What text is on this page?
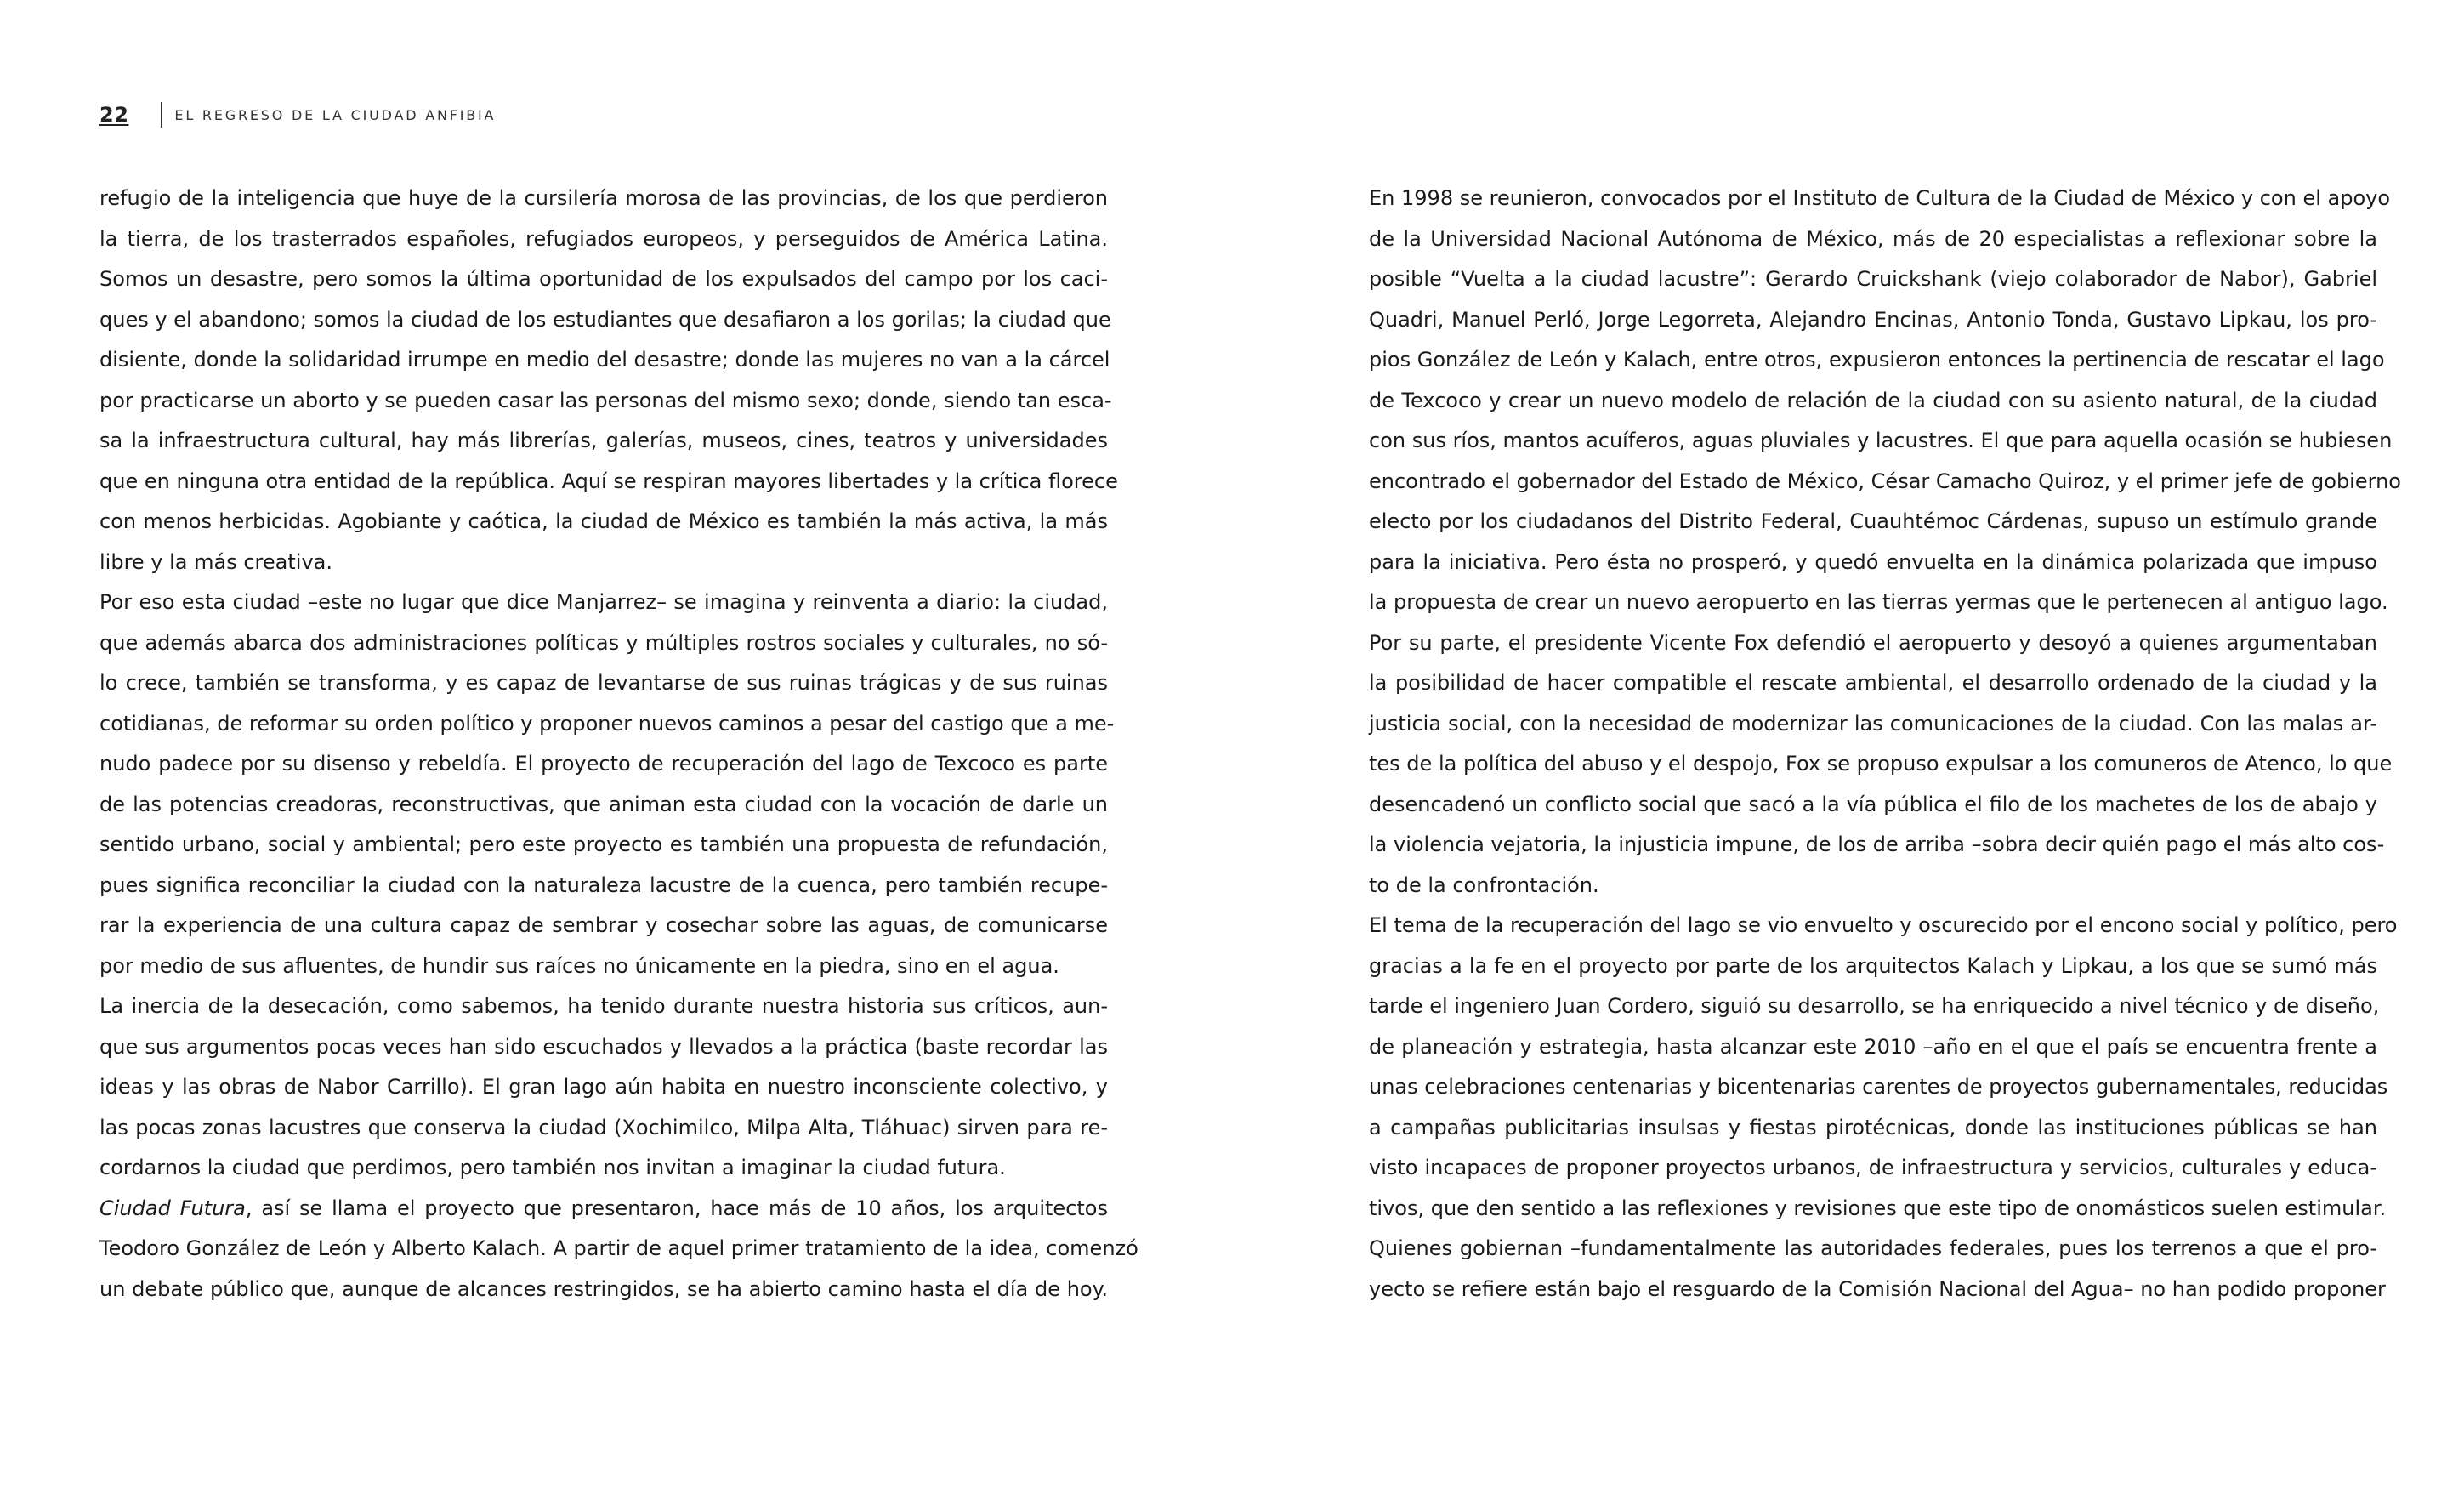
22	EL REGRESO DE LA CIUDAD ANFIBIA
refugio de la inteligencia que huye de la cursilería morosa de las provincias, de los que perdieron
la tierra, de los trasterrados españoles, refugiados europeos, y perseguidos de América Latina.
Somos un desastre, pero somos la última oportunidad de los expulsados del campo por los caci-
ques y el abandono; somos la ciudad de los estudiantes que desafiaron a los gorilas; la ciudad que
disiente, donde la solidaridad irrumpe en medio del desastre; donde las mujeres no van a la cárcel
por practicarse un aborto y se pueden casar las personas del mismo sexo; donde, siendo tan esca-
sa la infraestructura cultural, hay más librerías, galerías, museos, cines, teatros y universidades
que en ninguna otra entidad de la república. Aquí se respiran mayores libertades y la crítica florece
con menos herbicidas. Agobiante y caótica, la ciudad de México es también la más activa, la más
libre y la más creativa.
Por eso esta ciudad –este no lugar que dice Manjarrez– se imagina y reinventa a diario: la ciudad,
que además abarca dos administraciones políticas y múltiples rostros sociales y culturales, no só-
lo crece, también se transforma, y es capaz de levantarse de sus ruinas trágicas y de sus ruinas
cotidianas, de reformar su orden político y proponer nuevos caminos a pesar del castigo que a me-
nudo padece por su disenso y rebeldía. El proyecto de recuperación del lago de Texcoco es parte
de las potencias creadoras, reconstructivas, que animan esta ciudad con la vocación de darle un
sentido urbano, social y ambiental; pero este proyecto es también una propuesta de refundación,
pues significa reconciliar la ciudad con la naturaleza lacustre de la cuenca, pero también recupe-
rar la experiencia de una cultura capaz de sembrar y cosechar sobre las aguas, de comunicarse
por medio de sus afluentes, de hundir sus raíces no únicamente en la piedra, sino en el agua.
La inercia de la desecación, como sabemos, ha tenido durante nuestra historia sus críticos, aun-
que sus argumentos pocas veces han sido escuchados y llevados a la práctica (baste recordar las
ideas y las obras de Nabor Carrillo). El gran lago aún habita en nuestro inconsciente colectivo, y
las pocas zonas lacustres que conserva la ciudad (Xochimilco, Milpa Alta, Tláhuac) sirven para re-
cordarnos la ciudad que perdimos, pero también nos invitan a imaginar la ciudad futura.
Ciudad Futura, así se llama el proyecto que presentaron, hace más de 10 años, los arquitectos
Teodoro González de León y Alberto Kalach. A partir de aquel primer tratamiento de la idea, comenzó
un debate público que, aunque de alcances restringidos, se ha abierto camino hasta el día de hoy.
En 1998 se reunieron, convocados por el Instituto de Cultura de la Ciudad de México y con el apoyo
de la Universidad Nacional Autónoma de México, más de 20 especialistas a reflexionar sobre la
posible “Vuelta a la ciudad lacustre”: Gerardo Cruickshank (viejo colaborador de Nabor), Gabriel
Quadri, Manuel Perló, Jorge Legorreta, Alejandro Encinas, Antonio Tonda, Gustavo Lipkau, los pro-
pios González de León y Kalach, entre otros, expusieron entonces la pertinencia de rescatar el lago
de Texcoco y crear un nuevo modelo de relación de la ciudad con su asiento natural, de la ciudad
con sus ríos, mantos acuíferos, aguas pluviales y lacustres. El que para aquella ocasión se hubiesen
encontrado el gobernador del Estado de México, César Camacho Quiroz, y el primer jefe de gobierno
electo por los ciudadanos del Distrito Federal, Cuauhtémoc Cárdenas, supuso un estímulo grande
para la iniciativa. Pero ésta no prosperó, y quedó envuelta en la dinámica polarizada que impuso
la propuesta de crear un nuevo aeropuerto en las tierras yermas que le pertenecen al antiguo lago.
Por su parte, el presidente Vicente Fox defendió el aeropuerto y desoyó a quienes argumentaban
la posibilidad de hacer compatible el rescate ambiental, el desarrollo ordenado de la ciudad y la
justicia social, con la necesidad de modernizar las comunicaciones de la ciudad. Con las malas ar-
tes de la política del abuso y el despojo, Fox se propuso expulsar a los comuneros de Atenco, lo que
desencadenó un conflicto social que sacó a la vía pública el filo de los machetes de los de abajo y
la violencia vejatoria, la injusticia impune, de los de arriba –sobra decir quién pago el más alto cos-
to de la confrontación.
El tema de la recuperación del lago se vio envuelto y oscurecido por el encono social y político, pero
gracias a la fe en el proyecto por parte de los arquitectos Kalach y Lipkau, a los que se sumó más
tarde el ingeniero Juan Cordero, siguió su desarrollo, se ha enriquecido a nivel técnico y de diseño,
de planeación y estrategia, hasta alcanzar este 2010 –año en el que el país se encuentra frente a
unas celebraciones centenarias y bicentenarias carentes de proyectos gubernamentales, reducidas
a campañas publicitarias insulsas y fiestas pirotécnicas, donde las instituciones públicas se han
visto incapaces de proponer proyectos urbanos, de infraestructura y servicios, culturales y educa-
tivos, que den sentido a las reflexiones y revisiones que este tipo de onomásticos suelen estimular.
Quienes gobiernan –fundamentalmente las autoridades federales, pues los terrenos a que el pro-
yecto se refiere están bajo el resguardo de la Comisión Nacional del Agua– no han podido proponer
